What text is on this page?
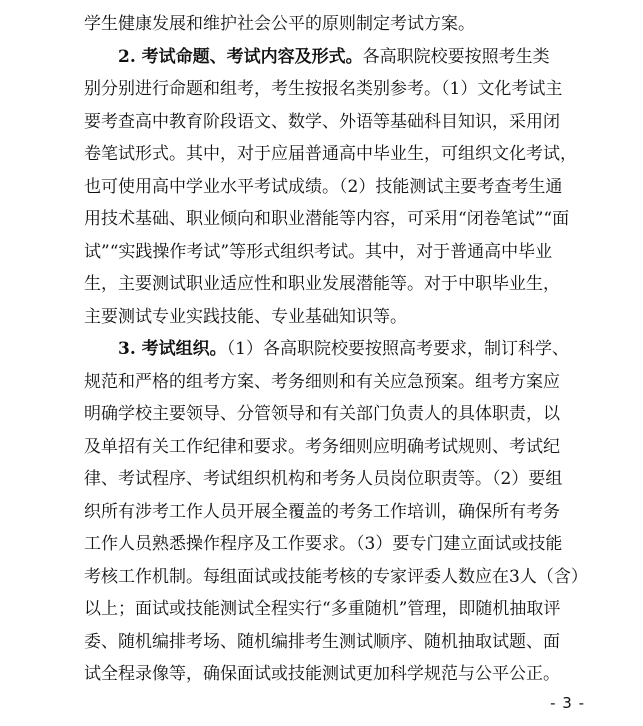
学生健康发展和维护社会公平的原则制定考试方案。

2. 考试命题、考试内容及形式。各高职院校要按照考生类
别分别进行命题和组考，考生按报名类别参考。（1）文化考试主
要考查高中教育阶段语文、数学、外语等基础科目知识，采用闭
卷笔试形式。其中，对于应届普通高中毕业生，可组织文化考试，
也可使用高中学业水平考试成绩。（2）技能测试主要考查考生通
用技术基础、职业倾向和职业潜能等内容，可采用“闭卷笔试”“面
试”“实践操作考试”等形式组织考试。其中，对于普通高中毕业
生，主要测试职业适应性和职业发展潜能等。对于中职毕业生，
主要测试专业实践技能、专业基础知识等。

3. 考试组织。（1）各高职院校要按照高考要求，制订科学、
规范和严格的组考方案、考务细则和有关应急预案。组考方案应
明确学校主要领导、分管领导和有关部门负责人的具体职责，以
及单招有关工作纪律和要求。考务细则应明确考试规则、考试纪
律、考试程序、考试组织机构和考务人员岗位职责等。（2）要组
织所有涉考工作人员开展全覆盖的考务工作培训，确保所有考务
工作人员熟悉操作程序及工作要求。（3）要专门建立面试或技能
考核工作机制。每组面试或技能考核的专家评委人数应在3人（含）
以上；面试或技能测试全程实行“多重随机”管理，即随机抽取评
委、随机编排考场、随机编排考生测试顺序、随机抽取试题、面
试全程录像等，确保面试或技能测试更加科学规范与公平公正。

- 3 -
